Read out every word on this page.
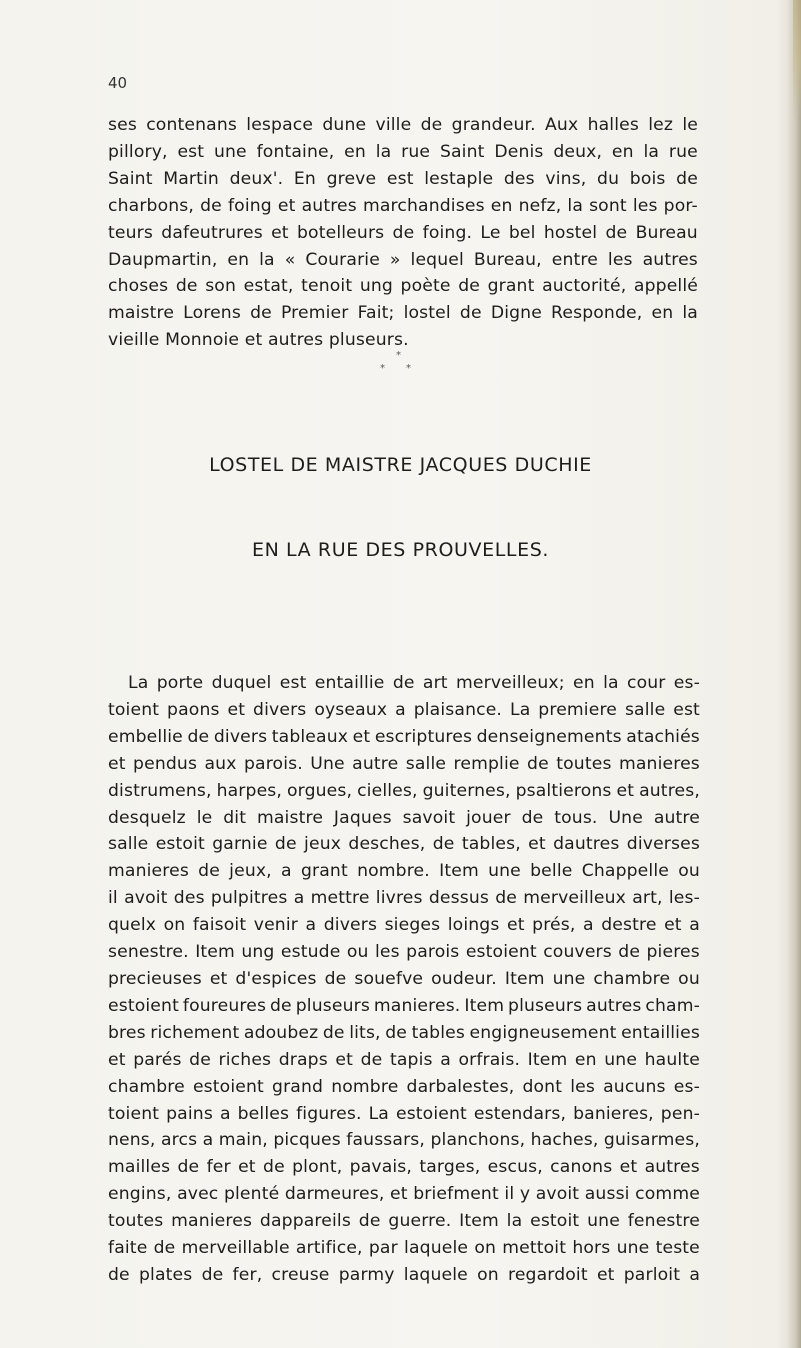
40
ses contenans lespace dune ville de grandeur. Aux halles lez le
pillory, est une fontaine, en la rue Saint Denis deux, en la rue
Saint Martin deux'. En greve est lestaple des vins, du bois de
charbons, de foing et autres marchandises en nefz, la sont les por-
teurs dafeutrures et botelleurs de foing. Le bel hostel de Bureau
Daupmartin, en la « Courarie » lequel Bureau, entre les autres
choses de son estat, tenoit ung poète de grant auctorité, appellé
maistre Lorens de Premier Fait; lostel de Digne Responde, en la
vieille Monnoie et autres pluseurs.
*
* *
LOSTEL DE MAISTRE JACQUES DUCHIE
EN LA RUE DES PROUVELLES.
La porte duquel est entaillie de art merveilleux; en la cour es-
toient paons et divers oyseaux a plaisance. La premiere salle est
embellie de divers tableaux et escriptures denseignements atachiés
et pendus aux parois. Une autre salle remplie de toutes manieres
distrumens, harpes, orgues, cielles, guiternes, psaltierons et autres,
desquelz le dit maistre Jaques savoit jouer de tous. Une autre
salle estoit garnie de jeux desches, de tables, et dautres diverses
manieres de jeux, a grant nombre. Item une belle Chappelle ou
il avoit des pulpitres a mettre livres dessus de merveilleux art, les-
quelx on faisoit venir a divers sieges loings et prés, a destre et a
senestre. Item ung estude ou les parois estoient couvers de pieres
precieuses et d'espices de souefve oudeur. Item une chambre ou
estoient foureures de pluseurs manieres. Item pluseurs autres cham-
bres richement adoubez de lits, de tables engigneusement entaillies
et parés de riches draps et de tapis a orfrais. Item en une haulte
chambre estoient grand nombre darbalestes, dont les aucuns es-
toient pains a belles figures. La estoient estendars, banieres, pen-
nens, arcs a main, picques faussars, planchons, haches, guisarmes,
mailles de fer et de plont, pavais, targes, escus, canons et autres
engins, avec plenté darmeures, et briefment il y avoit aussi comme
toutes manieres dappareils de guerre. Item la estoit une fenestre
faite de merveillable artifice, par laquele on mettoit hors une teste
de plates de fer, creuse parmy laquele on regardoit et parloit a
